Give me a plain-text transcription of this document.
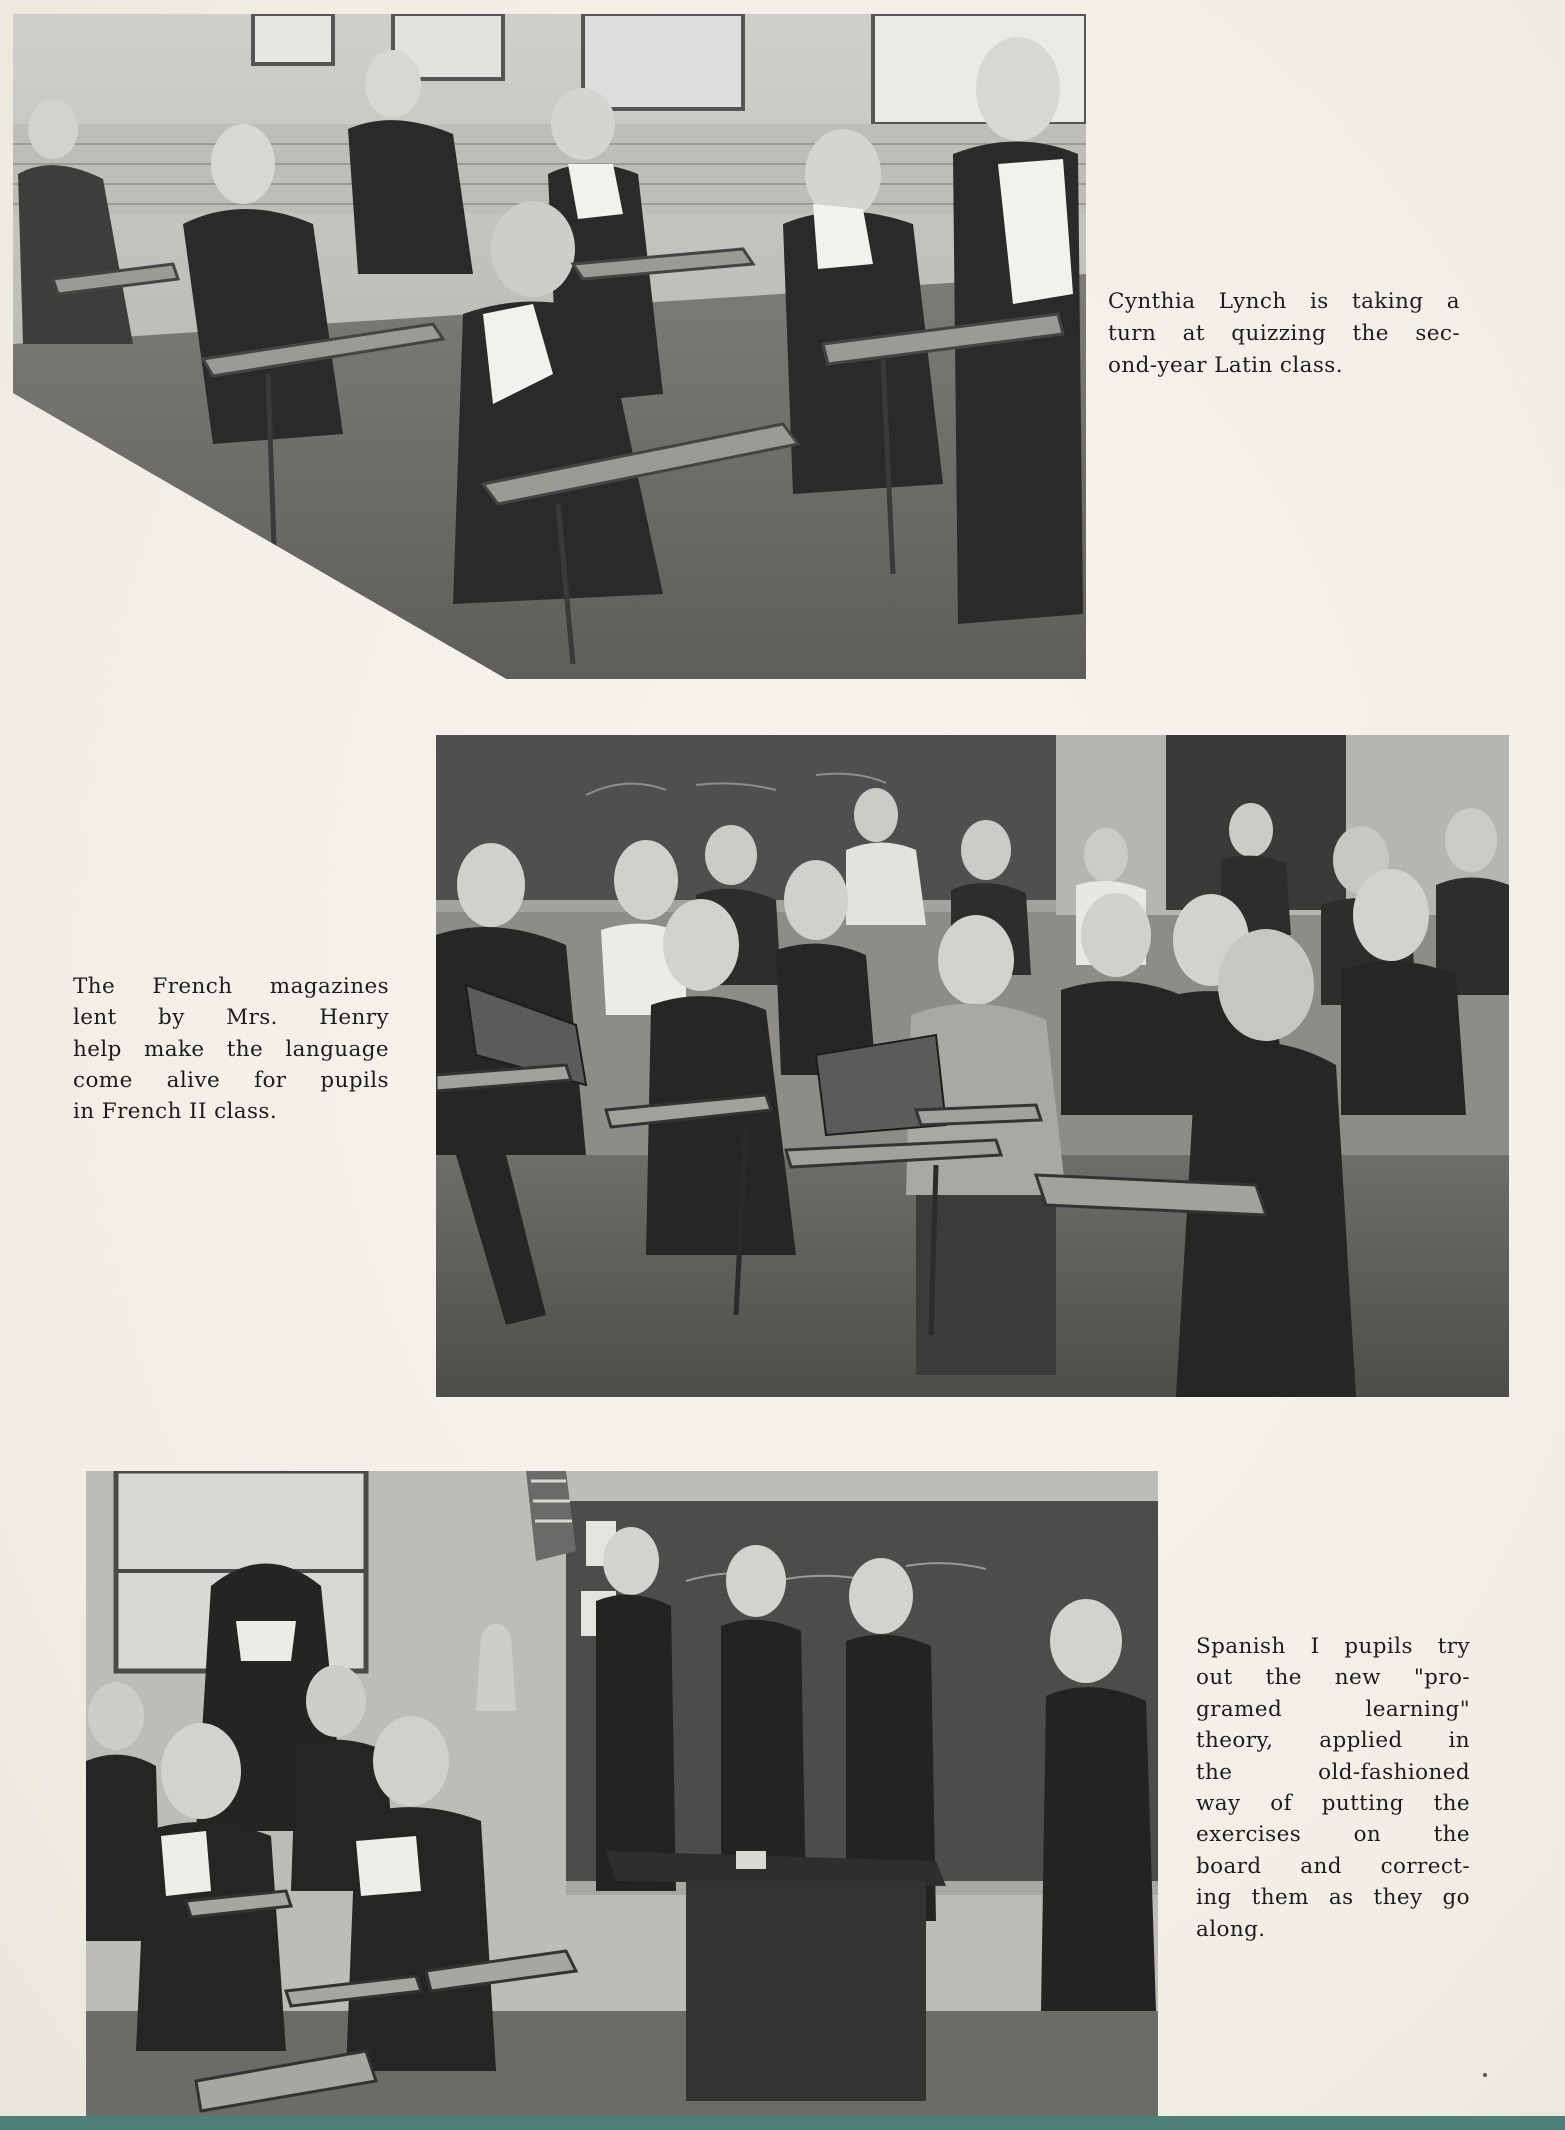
Cynthia Lynch is taking a
turn at quizzing the sec-
ond-year Latin class.
The French magazines
lent by Mrs. Henry
help make the language
come alive for pupils
in French II class.
Spanish I pupils try
out the new "pro-
gramed learning"
theory, applied in
the old-fashioned
way of putting the
exercises on the
board and correct-
ing them as they go
along.
